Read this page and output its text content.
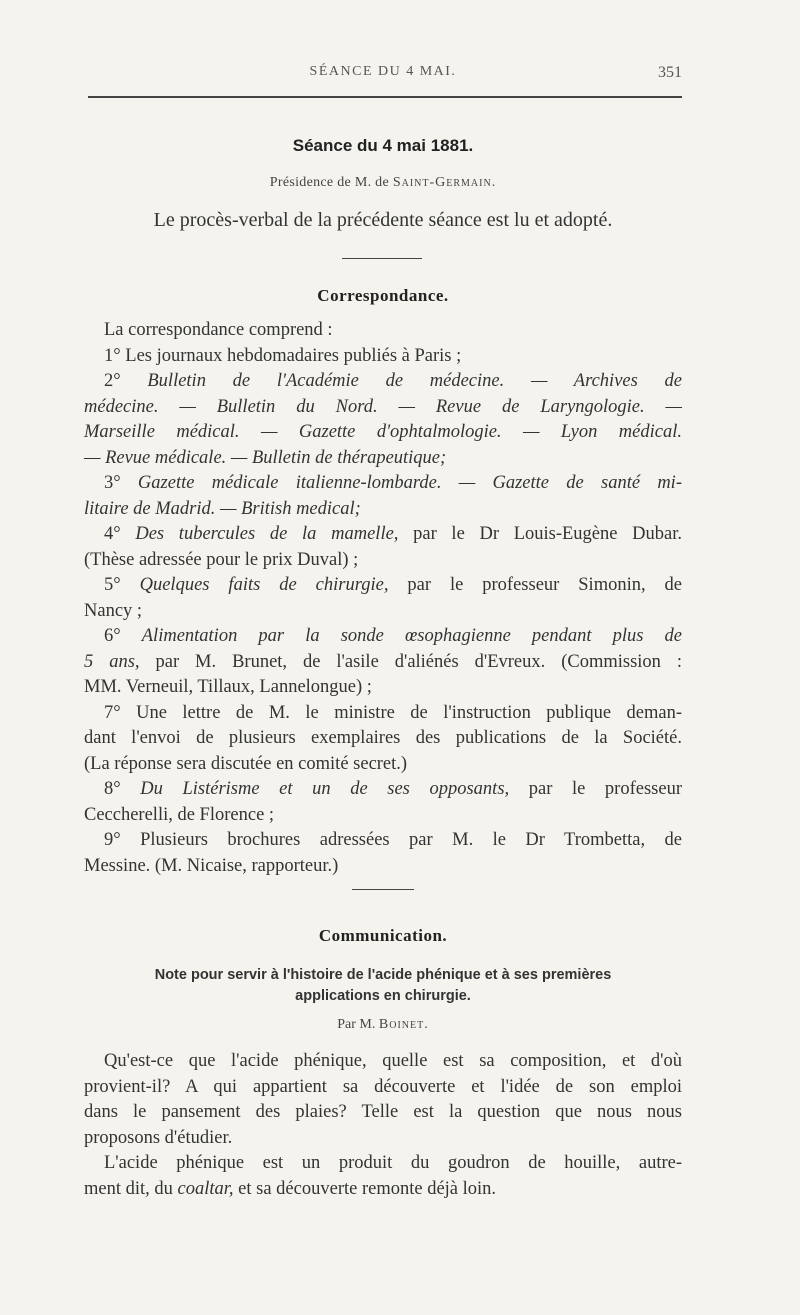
SÉANCE DU 4 MAI.	351
Séance du 4 mai 1881.
Présidence de M. de Saint-Germain.
Le procès-verbal de la précédente séance est lu et adopté.
Correspondance.
La correspondance comprend :
1° Les journaux hebdomadaires publiés à Paris ;
2° Bulletin de l'Académie de médecine. — Archives de
médecine. — Bulletin du Nord. — Revue de Laryngologie. —
Marseille médical. — Gazette d'ophtalmologie. — Lyon médical.
— Revue médicale. — Bulletin de thérapeutique;
3° Gazette médicale italienne-lombarde. — Gazette de santé mi-
litaire de Madrid. — British medical;
4° Des tubercules de la mamelle, par le Dr Louis-Eugène Dubar.
(Thèse adressée pour le prix Duval) ;
5° Quelques faits de chirurgie, par le professeur Simonin, de
Nancy ;
6° Alimentation par la sonde œsophagienne pendant plus de
5 ans, par M. Brunet, de l'asile d'aliénés d'Evreux. (Commission :
MM. Verneuil, Tillaux, Lannelongue) ;
7° Une lettre de M. le ministre de l'instruction publique deman-
dant l'envoi de plusieurs exemplaires des publications de la Société.
(La réponse sera discutée en comité secret.)
8° Du Listérisme et un de ses opposants, par le professeur
Ceccherelli, de Florence ;
9° Plusieurs brochures adressées par M. le Dr Trombetta, de
Messine. (M. Nicaise, rapporteur.)
Communication.
Note pour servir à l'histoire de l'acide phénique et à ses premières
applications en chirurgie.
Par M. Boinet.
Qu'est-ce que l'acide phénique, quelle est sa composition, et d'où
provient-il? A qui appartient sa découverte et l'idée de son emploi
dans le pansement des plaies? Telle est la question que nous nous
proposons d'étudier.
L'acide phénique est un produit du goudron de houille, autre-
ment dit, du coaltar, et sa découverte remonte déjà loin.
